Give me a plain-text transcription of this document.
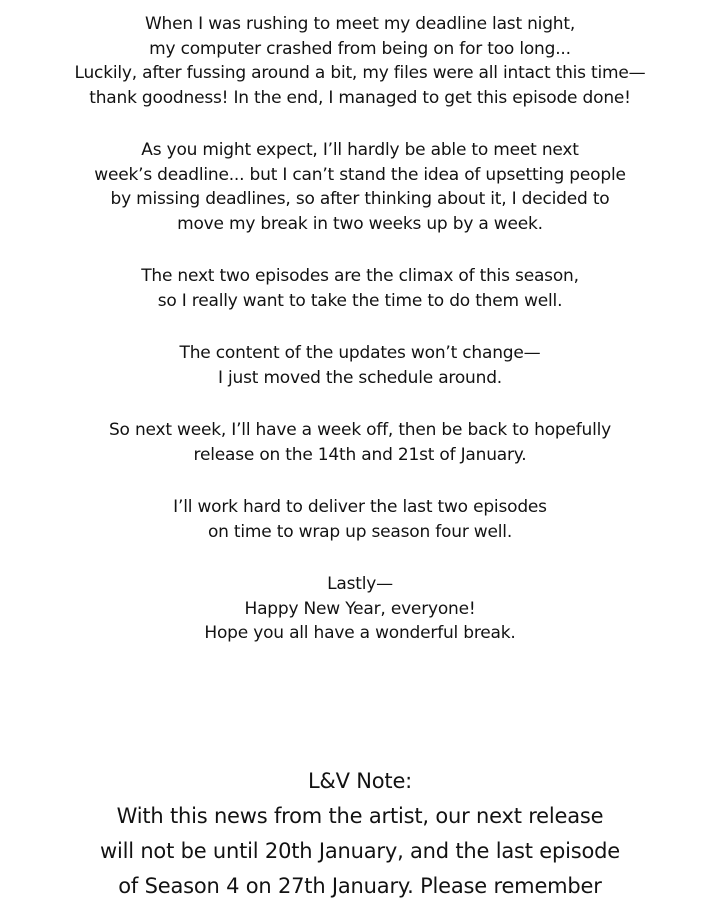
When I was rushing to meet my deadline last night,
my computer crashed from being on for too long...
Luckily, after fussing around a bit, my files were all intact this time—
thank goodness! In the end, I managed to get this episode done!
As you might expect, I’ll hardly be able to meet next
week’s deadline... but I can’t stand the idea of upsetting people
by missing deadlines, so after thinking about it, I decided to
move my break in two weeks up by a week.
The next two episodes are the climax of this season,
so I really want to take the time to do them well.
The content of the updates won’t change—
I just moved the schedule around.
So next week, I’ll have a week off, then be back to hopefully
release on the 14th and 21st of January.
I’ll work hard to deliver the last two episodes
on time to wrap up season four well.
Lastly—
Happy New Year, everyone!
Hope you all have a wonderful break.
L&V Note:
With this news from the artist, our next release
will not be until 20th January, and the last episode
of Season 4 on 27th January. Please remember
